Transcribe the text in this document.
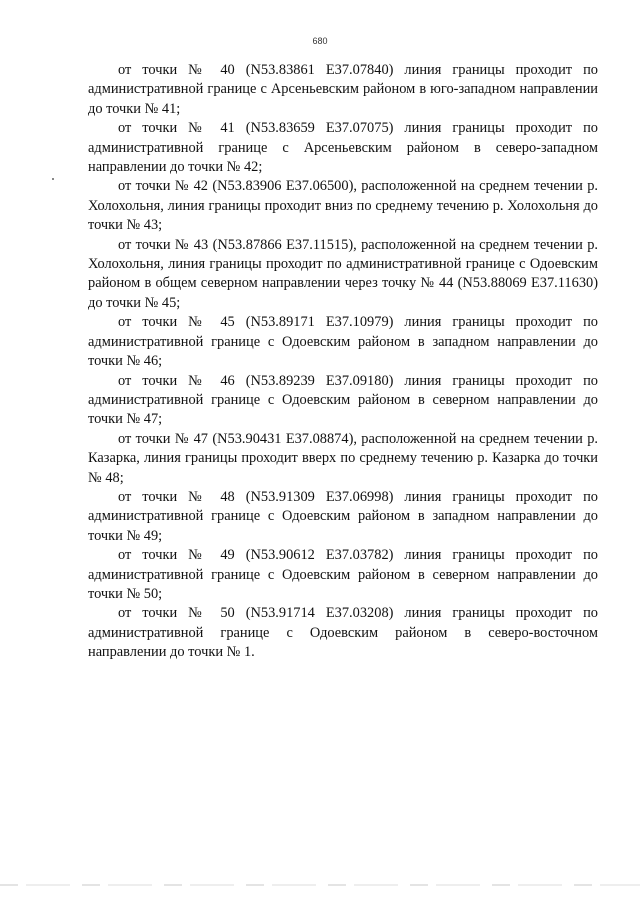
680

от точки № 40 (N53.83861 E37.07840) линия границы проходит по административной границе с Арсеньевским районом в юго-западном направлении до точки № 41;

от точки № 41 (N53.83659 E37.07075) линия границы проходит по административной границе с Арсеньевским районом в северо-западном направлении до точки № 42;

от точки № 42 (N53.83906 E37.06500), расположенной на среднем течении р. Холохольня, линия границы проходит вниз по среднему течению р. Холохольня до точки № 43;

от точки № 43 (N53.87866 E37.11515), расположенной на среднем течении р. Холохольня, линия границы проходит по административной границе с Одоевским районом в общем северном направлении через точку № 44 (N53.88069 E37.11630) до точки № 45;

от точки № 45 (N53.89171 E37.10979) линия границы проходит по административной границе с Одоевским районом в западном направлении до точки № 46;

от точки № 46 (N53.89239 E37.09180) линия границы проходит по административной границе с Одоевским районом в северном направлении до точки № 47;

от точки № 47 (N53.90431 E37.08874), расположенной на среднем течении р. Казарка, линия границы проходит вверх по среднему течению р. Казарка до точки № 48;

от точки № 48 (N53.91309 E37.06998) линия границы проходит по административной границе с Одоевским районом в западном направлении до точки № 49;

от точки № 49 (N53.90612 E37.03782) линия границы проходит по административной границе с Одоевским районом в северном направлении до точки № 50;

от точки № 50 (N53.91714 E37.03208) линия границы проходит по административной границе с Одоевским районом в северо-восточном направлении до точки № 1.
